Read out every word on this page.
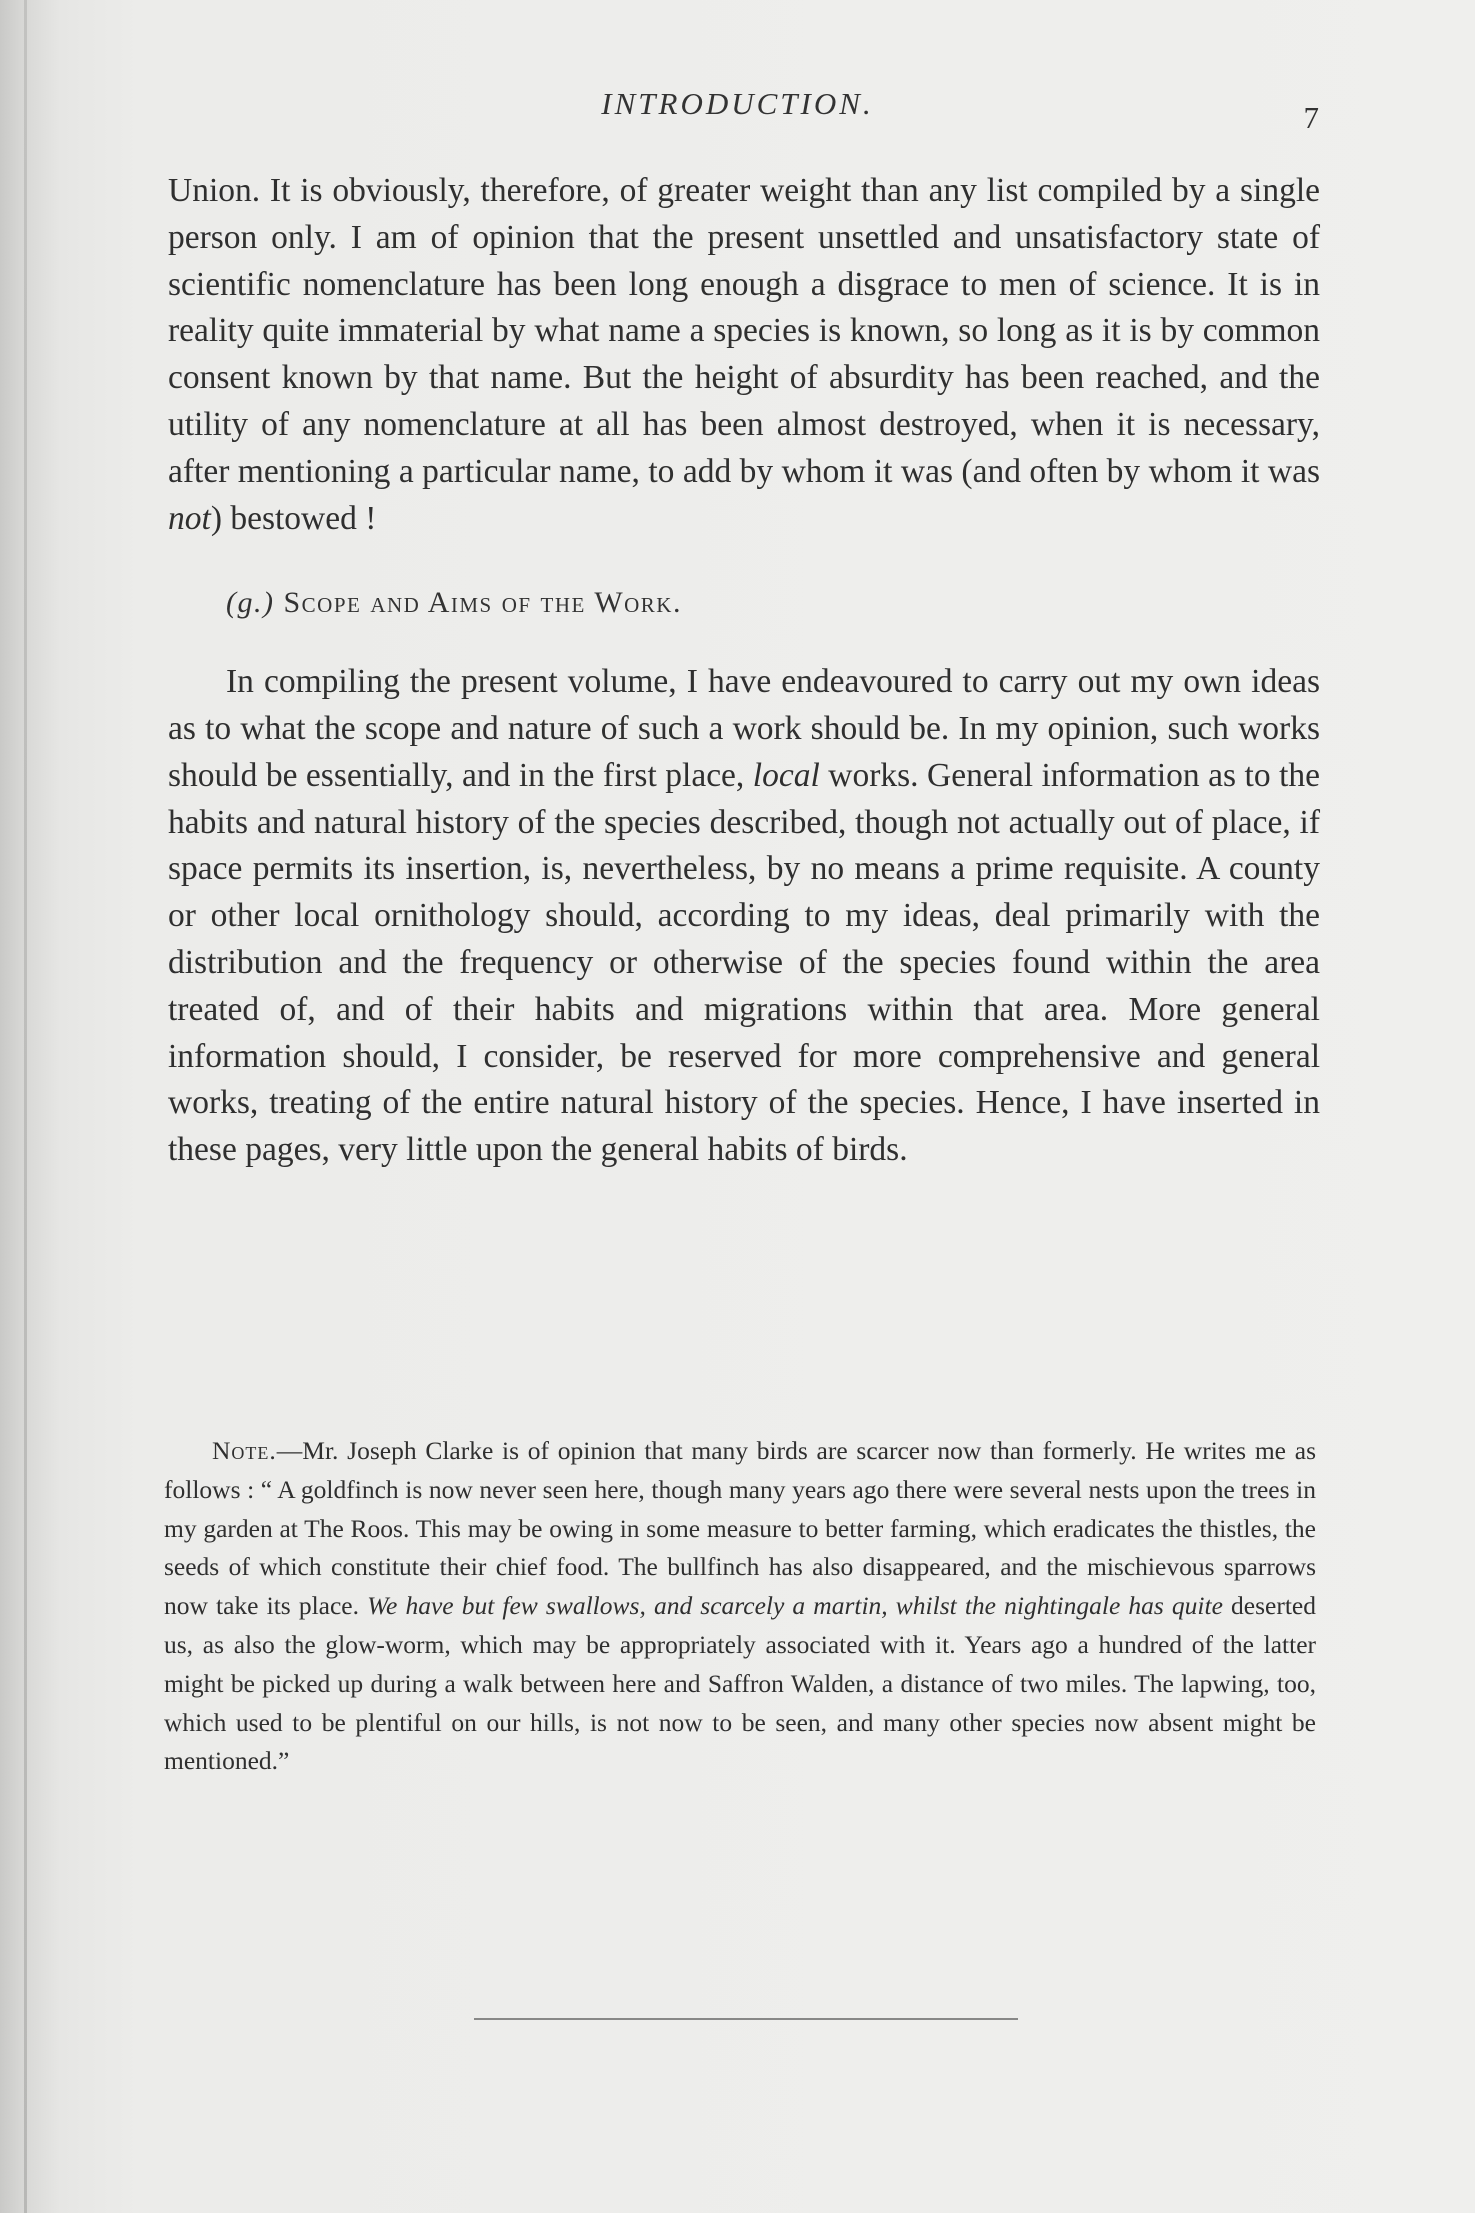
INTRODUCTION.	7

Union. It is obviously, therefore, of greater weight than any list compiled by a single person only. I am of opinion that the present unsettled and unsatisfactory state of scientific nomenclature has been long enough a disgrace to men of science. It is in reality quite immaterial by what name a species is known, so long as it is by common consent known by that name. But the height of absurdity has been reached, and the utility of any nomenclature at all has been almost destroyed, when it is necessary, after mentioning a particular name, to add by whom it was (and often by whom it was not) bestowed !

(g.) Scope and Aims of the Work.

In compiling the present volume, I have endeavoured to carry out my own ideas as to what the scope and nature of such a work should be. In my opinion, such works should be essentially, and in the first place, local works. General information as to the habits and natural history of the species described, though not actually out of place, if space permits its insertion, is, nevertheless, by no means a prime requisite. A county or other local ornithology should, according to my ideas, deal primarily with the distribution and the frequency or otherwise of the species found within the area treated of, and of their habits and migrations within that area. More general information should, I consider, be reserved for more comprehensive and general works, treating of the entire natural history of the species. Hence, I have inserted in these pages, very little upon the general habits of birds.

Note.—Mr. Joseph Clarke is of opinion that many birds are scarcer now than formerly. He writes me as follows : “ A goldfinch is now never seen here, though many years ago there were several nests upon the trees in my garden at The Roos. This may be owing in some measure to better farming, which eradicates the thistles, the seeds of which constitute their chief food. The bullfinch has also disappeared, and the mischievous sparrows now take its place. We have but few swallows, and scarcely a martin, whilst the nightingale has quite deserted us, as also the glow-worm, which may be appropriately associated with it. Years ago a hundred of the latter might be picked up during a walk between here and Saffron Walden, a distance of two miles. The lapwing, too, which used to be plentiful on our hills, is not now to be seen, and many other species now absent might be mentioned.”
